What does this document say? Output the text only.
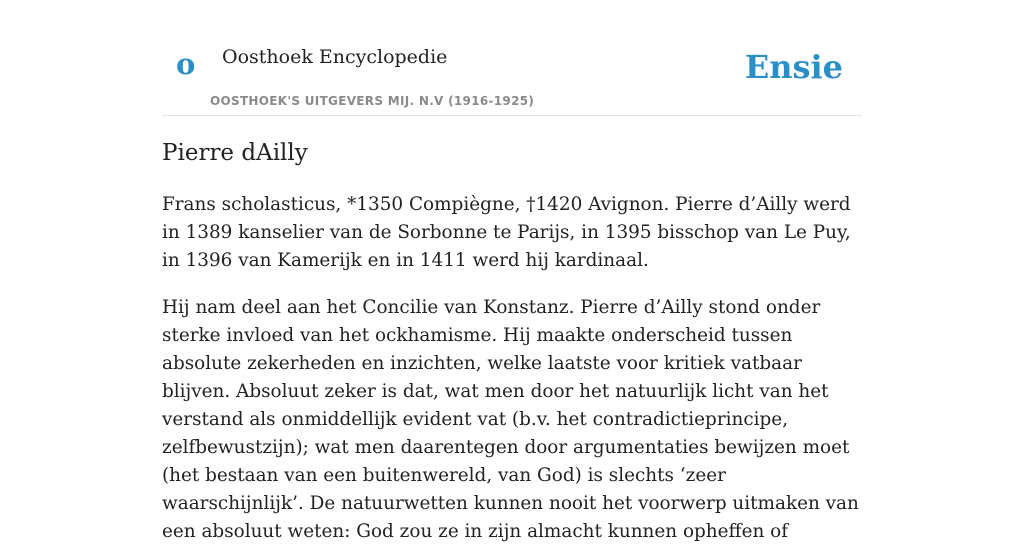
o Oosthoek Encyclopedie
OOSTHOEK'S UITGEVERS MIJ. N.V (1916-1925)
Ensie
Pierre dAilly

Frans scholasticus, *1350 Compiègne, †1420 Avignon. Pierre d’Ailly werd in 1389 kanselier van de Sorbonne te Parijs, in 1395 bisschop van Le Puy, in 1396 van Kamerijk en in 1411 werd hij kardinaal.

Hij nam deel aan het Concilie van Konstanz. Pierre d’Ailly stond onder sterke invloed van het ockhamisme. Hij maakte onderscheid tussen absolute zekerheden en inzichten, welke laatste voor kritiek vatbaar blijven. Absoluut zeker is dat, wat men door het natuurlijk licht van het verstand als onmiddellijk evident vat (b.v. het contradictieprincipe, zelfbewustzijn); wat men daarentegen door argumentaties bewijzen moet (het bestaan van een buitenwereld, van God) is slechts ‘zeer waarschijnlijk’. De natuurwetten kunnen nooit het voorwerp uitmaken van een absoluut weten: God zou ze in zijn almacht kunnen opheffen of
